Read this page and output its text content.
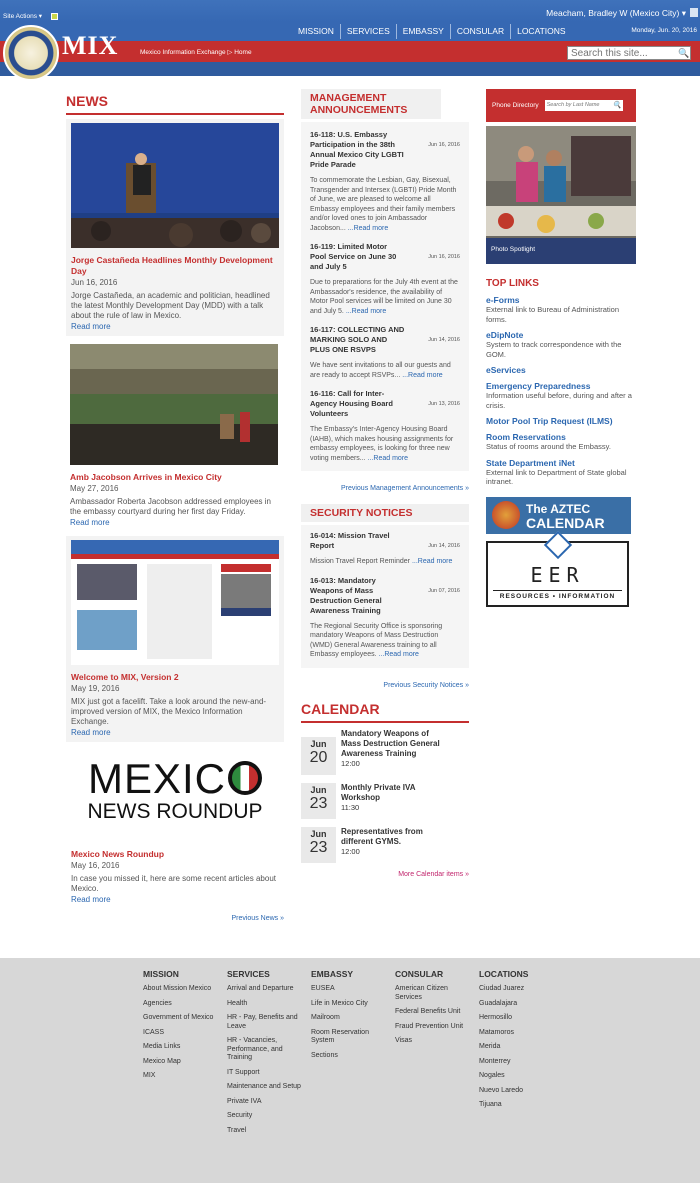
Site Actions ▾	Meacham, Bradley W (Mexico City) ▾
MISSION	SERVICES	EMBASSY	CONSULAR	LOCATIONS	Monday, Jun. 20, 2016
Mexico Information Exchange ▷ Home
Search this site...	🔍
MIX
NEWS
Jorge Castañeda Headlines Monthly Development Day
Jun 16, 2016
Jorge Castañeda, an academic and politician, headlined the latest Monthly Development Day (MDD) with a talk about the rule of law in Mexico.
Read more
Amb Jacobson Arrives in Mexico City
May 27, 2016
Ambassador Roberta Jacobson addressed employees in the embassy courtyard during her first day Friday.
Read more
Welcome to MIX, Version 2
May 19, 2016
MIX just got a facelift. Take a look around the new-and-improved version of MIX, the Mexico Information Exchange.
Read more
MEXIC
NEWS ROUNDUP
Mexico News Roundup
May 16, 2016
In case you missed it, here are some recent articles about Mexico.
Read more
Previous News »
MANAGEMENT ANNOUNCEMENTS
16-118: U.S. Embassy Participation in the 38th Annual Mexico City LGBTI Pride Parade
Jun 16, 2016
To commemorate the Lesbian, Gay, Bisexual, Transgender and Intersex (LGBTI) Pride Month of June, we are pleased to welcome all Embassy employees and their family members and/or loved ones to join Ambassador Jacobson... ...Read more
16-119: Limited Motor Pool Service on June 30 and July 5
Jun 16, 2016
Due to preparations for the July 4th event at the Ambassador's residence, the availability of Motor Pool services will be limited on June 30 and July 5. ...Read more
16-117: COLLECTING AND MARKING SOLO AND PLUS ONE RSVPS
Jun 14, 2016
We have sent invitations to all our guests and are ready to accept RSVPs... ...Read more
16-116: Call for Inter-Agency Housing Board Volunteers
Jun 13, 2016
The Embassy's Inter-Agency Housing Board (IAHB), which makes housing assignments for embassy employees, is looking for three new voting members... ...Read more
Previous Management Announcements »
SECURITY NOTICES
16-014: Mission Travel Report	Jun 14, 2016
Mission Travel Report Reminder ...Read more
16-013: Mandatory Weapons of Mass Destruction General Awareness Training
Jun 07, 2016
The Regional Security Office is sponsoring mandatory Weapons of Mass Destruction (WMD) General Awareness training to all Embassy employees. ...Read more
Previous Security Notices »
CALENDAR
Jun
20
Mandatory Weapons of Mass Destruction General Awareness Training
12:00
Jun
23
Monthly Private IVA Workshop
11:30
Jun
23
Representatives from different GYMS.
12:00
More Calendar items »
Phone Directory	Search by Last Name 🔍
Photo Spotlight
TOP LINKS
e-Forms
External link to Bureau of Administration forms.
eDipNote
System to track correspondence with the GOM.
eServices
Emergency Preparedness
Information useful before, during and after a crisis.
Motor Pool Trip Request (ILMS)
Room Reservations
Status of rooms around the Embassy.
State Department iNet
External link to Department of State global intranet.
The AZTEC
CALENDAR
EER
RESOURCES • INFORMATION
MISSION
About Mission Mexico
Agencies
Government of Mexico
ICASS
Media Links
Mexico Map
MIX
SERVICES
Arrival and Departure
Health
HR - Pay, Benefits and Leave
HR - Vacancies, Performance, and Training
IT Support
Maintenance and Setup
Private IVA
Security
Travel
EMBASSY
EUSEA
Life in Mexico City
Mailroom
Room Reservation System
Sections
CONSULAR
American Citizen Services
Federal Benefits Unit
Fraud Prevention Unit
Visas
LOCATIONS
Ciudad Juarez
Guadalajara
Hermosillo
Matamoros
Merida
Monterrey
Nogales
Nuevo Laredo
Tijuana
